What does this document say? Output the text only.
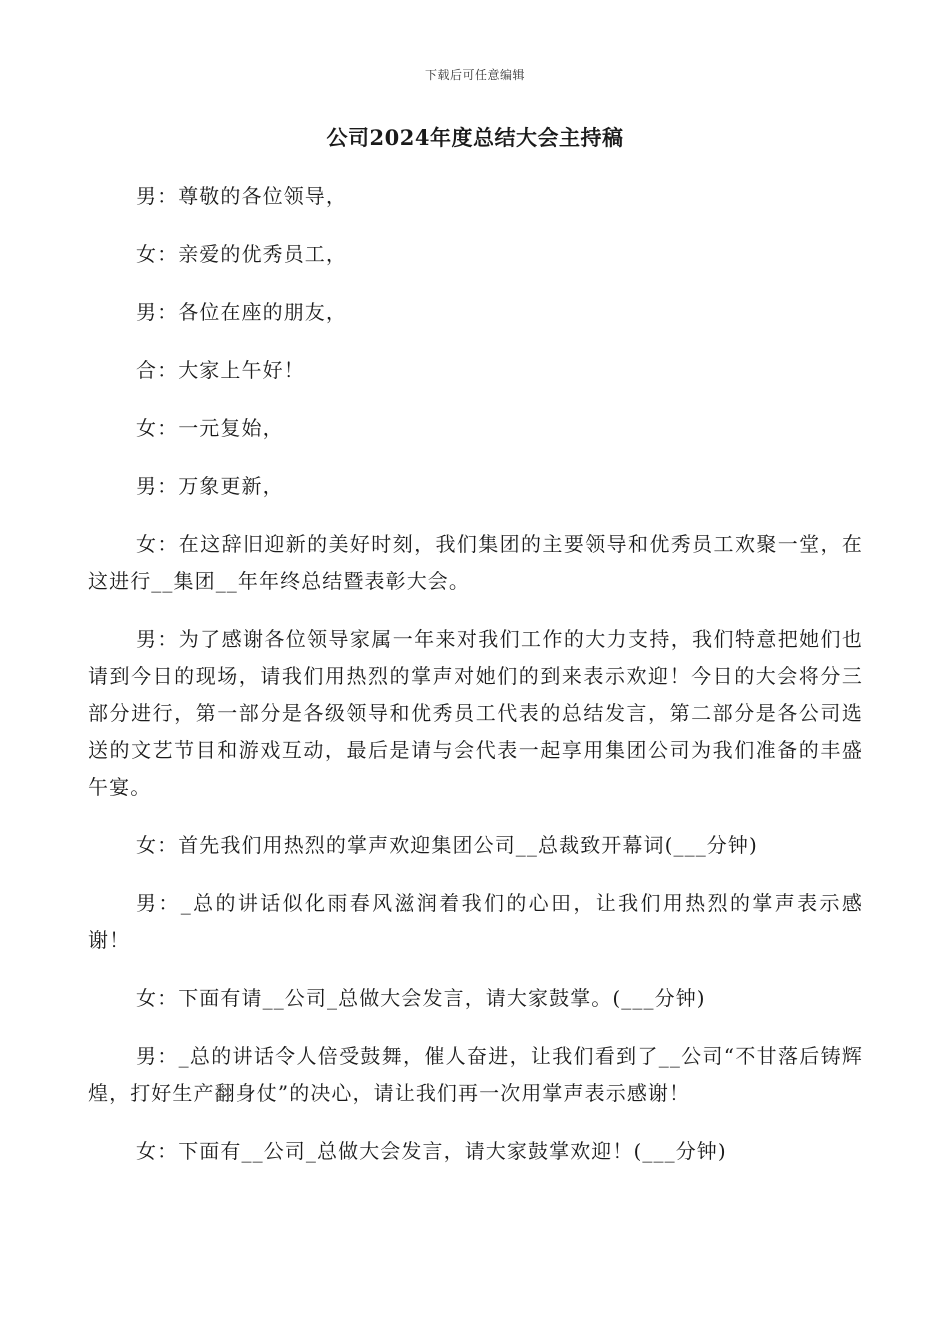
下载后可任意编辑
公司2024年度总结大会主持稿

男：尊敬的各位领导，

女：亲爱的优秀员工，

男：各位在座的朋友，

合：大家上午好！

女：一元复始，

男：万象更新，

女：在这辞旧迎新的美好时刻，我们集团的主要领导和优秀员工欢聚一堂，在这进行__集团__年年终总结暨表彰大会。

男：为了感谢各位领导家属一年来对我们工作的大力支持，我们特意把她们也请到今日的现场，请我们用热烈的掌声对她们的到来表示欢迎！今日的大会将分三部分进行，第一部分是各级领导和优秀员工代表的总结发言，第二部分是各公司选送的文艺节目和游戏互动，最后是请与会代表一起享用集团公司为我们准备的丰盛午宴。

女：首先我们用热烈的掌声欢迎集团公司__总裁致开幕词(___分钟)

男：_总的讲话似化雨春风滋润着我们的心田，让我们用热烈的掌声表示感谢！

女：下面有请__公司_总做大会发言，请大家鼓掌。(___分钟)

男：_总的讲话令人倍受鼓舞，催人奋进，让我们看到了__公司“不甘落后铸辉煌，打好生产翻身仗”的决心，请让我们再一次用掌声表示感谢！

女：下面有__公司_总做大会发言，请大家鼓掌欢迎！(___分钟)
